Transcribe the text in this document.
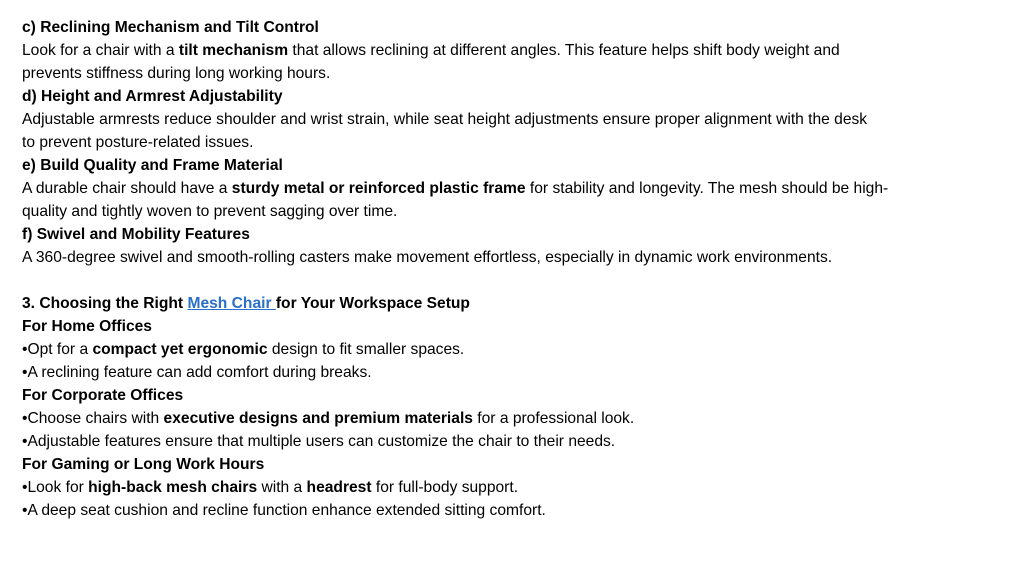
c) Reclining Mechanism and Tilt Control
Look for a chair with a tilt mechanism that allows reclining at different angles. This feature helps shift body weight and
prevents stiffness during long working hours.
d) Height and Armrest Adjustability
Adjustable armrests reduce shoulder and wrist strain, while seat height adjustments ensure proper alignment with the desk
to prevent posture-related issues.
e) Build Quality and Frame Material
A durable chair should have a sturdy metal or reinforced plastic frame for stability and longevity. The mesh should be high-
quality and tightly woven to prevent sagging over time.
f) Swivel and Mobility Features
A 360-degree swivel and smooth-rolling casters make movement effortless, especially in dynamic work environments.
3. Choosing the Right Mesh Chair for Your Workspace Setup
For Home Offices
•Opt for a compact yet ergonomic design to fit smaller spaces.
•A reclining feature can add comfort during breaks.
For Corporate Offices
•Choose chairs with executive designs and premium materials for a professional look.
•Adjustable features ensure that multiple users can customize the chair to their needs.
For Gaming or Long Work Hours
•Look for high-back mesh chairs with a headrest for full-body support.
•A deep seat cushion and recline function enhance extended sitting comfort.
